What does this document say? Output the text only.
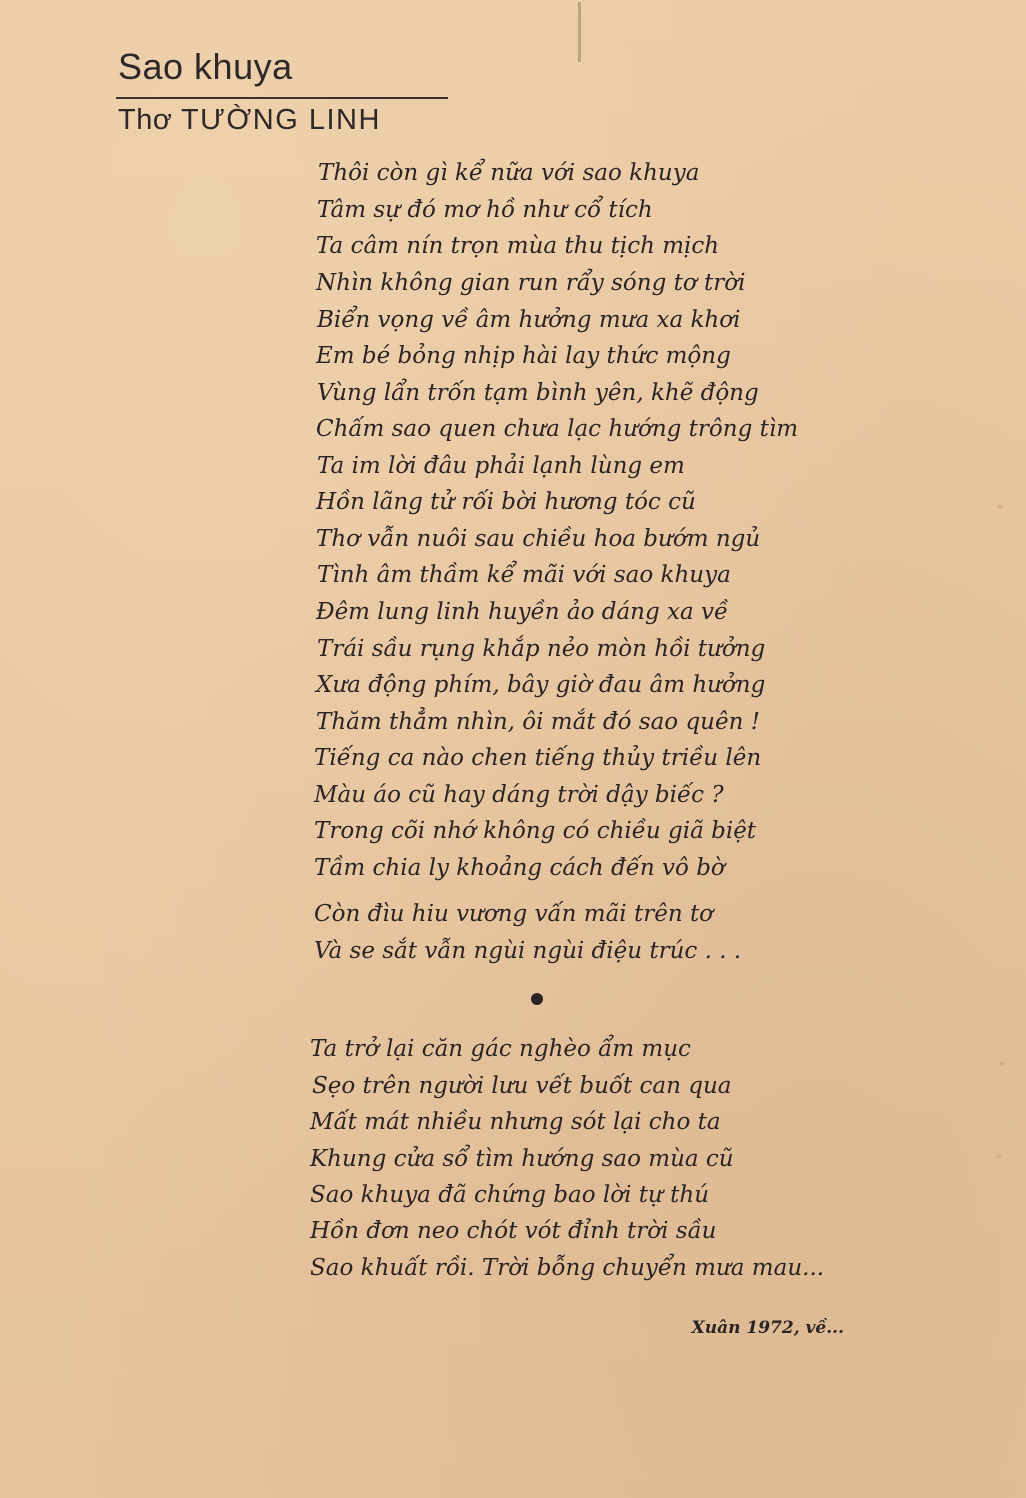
Sao khuya
Thơ TƯỜNG LINH
Thôi còn gì kể nữa với sao khuya
Tâm sự đó mơ hồ như cổ tích
Ta câm nín trọn mùa thu tịch mịch
Nhìn không gian run rẩy sóng tơ trời
Biển vọng về âm hưởng mưa xa khơi
Em bé bỏng nhịp hài lay thức mộng
Vùng lẩn trốn tạm bình yên, khẽ động
Chấm sao quen chưa lạc hướng trông tìm
Ta im lời đâu phải lạnh lùng em
Hồn lãng tử rối bời hương tóc cũ
Thơ vẫn nuôi sau chiều hoa bướm ngủ
Tình âm thầm kể mãi với sao khuya
Đêm lung linh huyền ảo dáng xa về
Trái sầu rụng khắp nẻo mòn hồi tưởng
Xưa động phím, bây giờ đau âm hưởng
Thăm thẳm nhìn, ôi mắt đó sao quên !
Tiếng ca nào chen tiếng thủy triều lên
Màu áo cũ hay dáng trời dậy biếc ?
Trong cõi nhớ không có chiều giã biệt
Tầm chia ly khoảng cách đến vô bờ
Còn đìu hiu vương vấn mãi trên tơ
Và se sắt vẫn ngùi ngùi điệu trúc . . .
Ta trở lại căn gác nghèo ẩm mục
Sẹo trên người lưu vết buốt can qua
Mất mát nhiều nhưng sót lại cho ta
Khung cửa sổ tìm hướng sao mùa cũ
Sao khuya đã chứng bao lời tự thú
Hồn đơn neo chót vót đỉnh trời sầu
Sao khuất rồi. Trời bỗng chuyển mưa mau...
Xuân 1972, về...
